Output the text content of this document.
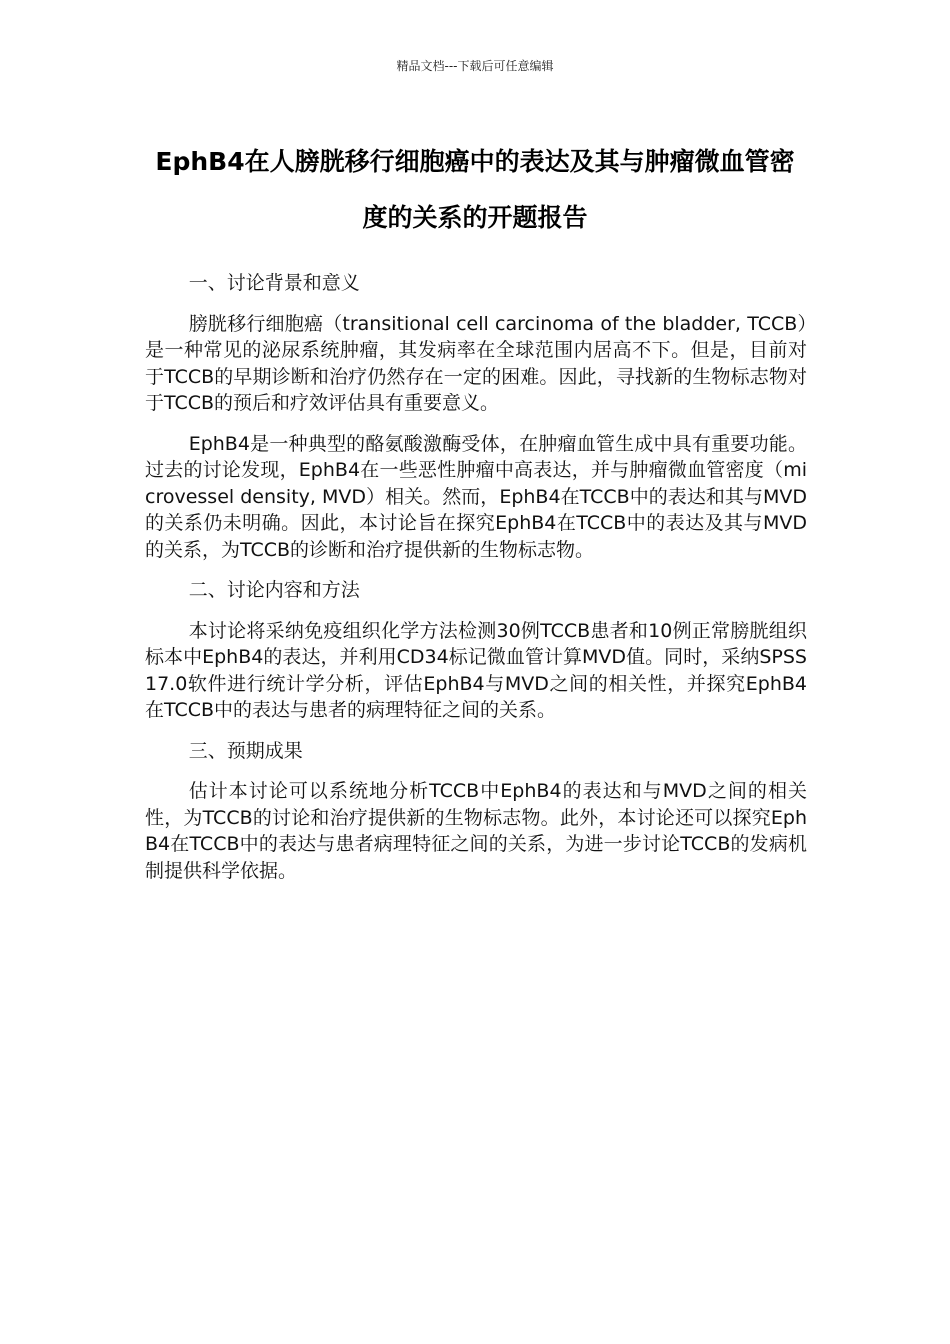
精品文档---下载后可任意编辑
EphB4在人膀胱移行细胞癌中的表达及其与肿瘤微血管密度的关系的开题报告

一、讨论背景和意义

膀胱移行细胞癌（transitional cell carcinoma of the bladder, TCCB）是一种常见的泌尿系统肿瘤，其发病率在全球范围内居高不下。但是，目前对于TCCB的早期诊断和治疗仍然存在一定的困难。因此，寻找新的生物标志物对于TCCB的预后和疗效评估具有重要意义。

EphB4是一种典型的酪氨酸激酶受体，在肿瘤血管生成中具有重要功能。过去的讨论发现，EphB4在一些恶性肿瘤中高表达，并与肿瘤微血管密度（microvessel density, MVD）相关。然而，EphB4在TCCB中的表达和其与MVD的关系仍未明确。因此，本讨论旨在探究EphB4在TCCB中的表达及其与MVD的关系，为TCCB的诊断和治疗提供新的生物标志物。

二、讨论内容和方法

本讨论将采纳免疫组织化学方法检测30例TCCB患者和10例正常膀胱组织标本中EphB4的表达，并利用CD34标记微血管计算MVD值。同时，采纳SPSS17.0软件进行统计学分析，评估EphB4与MVD之间的相关性，并探究EphB4在TCCB中的表达与患者的病理特征之间的关系。

三、预期成果

估计本讨论可以系统地分析TCCB中EphB4的表达和与MVD之间的相关性，为TCCB的讨论和治疗提供新的生物标志物。此外，本讨论还可以探究EphB4在TCCB中的表达与患者病理特征之间的关系，为进一步讨论TCCB的发病机制提供科学依据。
